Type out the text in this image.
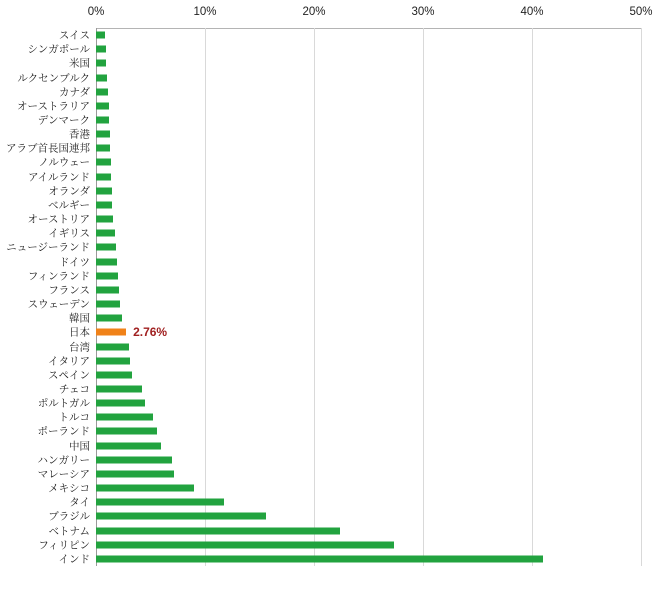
0%	10%	20%	30%	40%	50%
スイス
シンガポール
米国
ルクセンブルク
カナダ
オーストラリア
デンマーク
香港
アラブ首長国連邦
ノルウェー
アイルランド
オランダ
ベルギー
オーストリア
イギリス
ニュージーランド
ドイツ
フィンランド
フランス
スウェーデン
韓国
日本	2.76%
台湾
イタリア
スペイン
チェコ
ポルトガル
トルコ
ポーランド
中国
ハンガリー
マレーシア
メキシコ
タイ
ブラジル
ベトナム
フィリピン
インド
